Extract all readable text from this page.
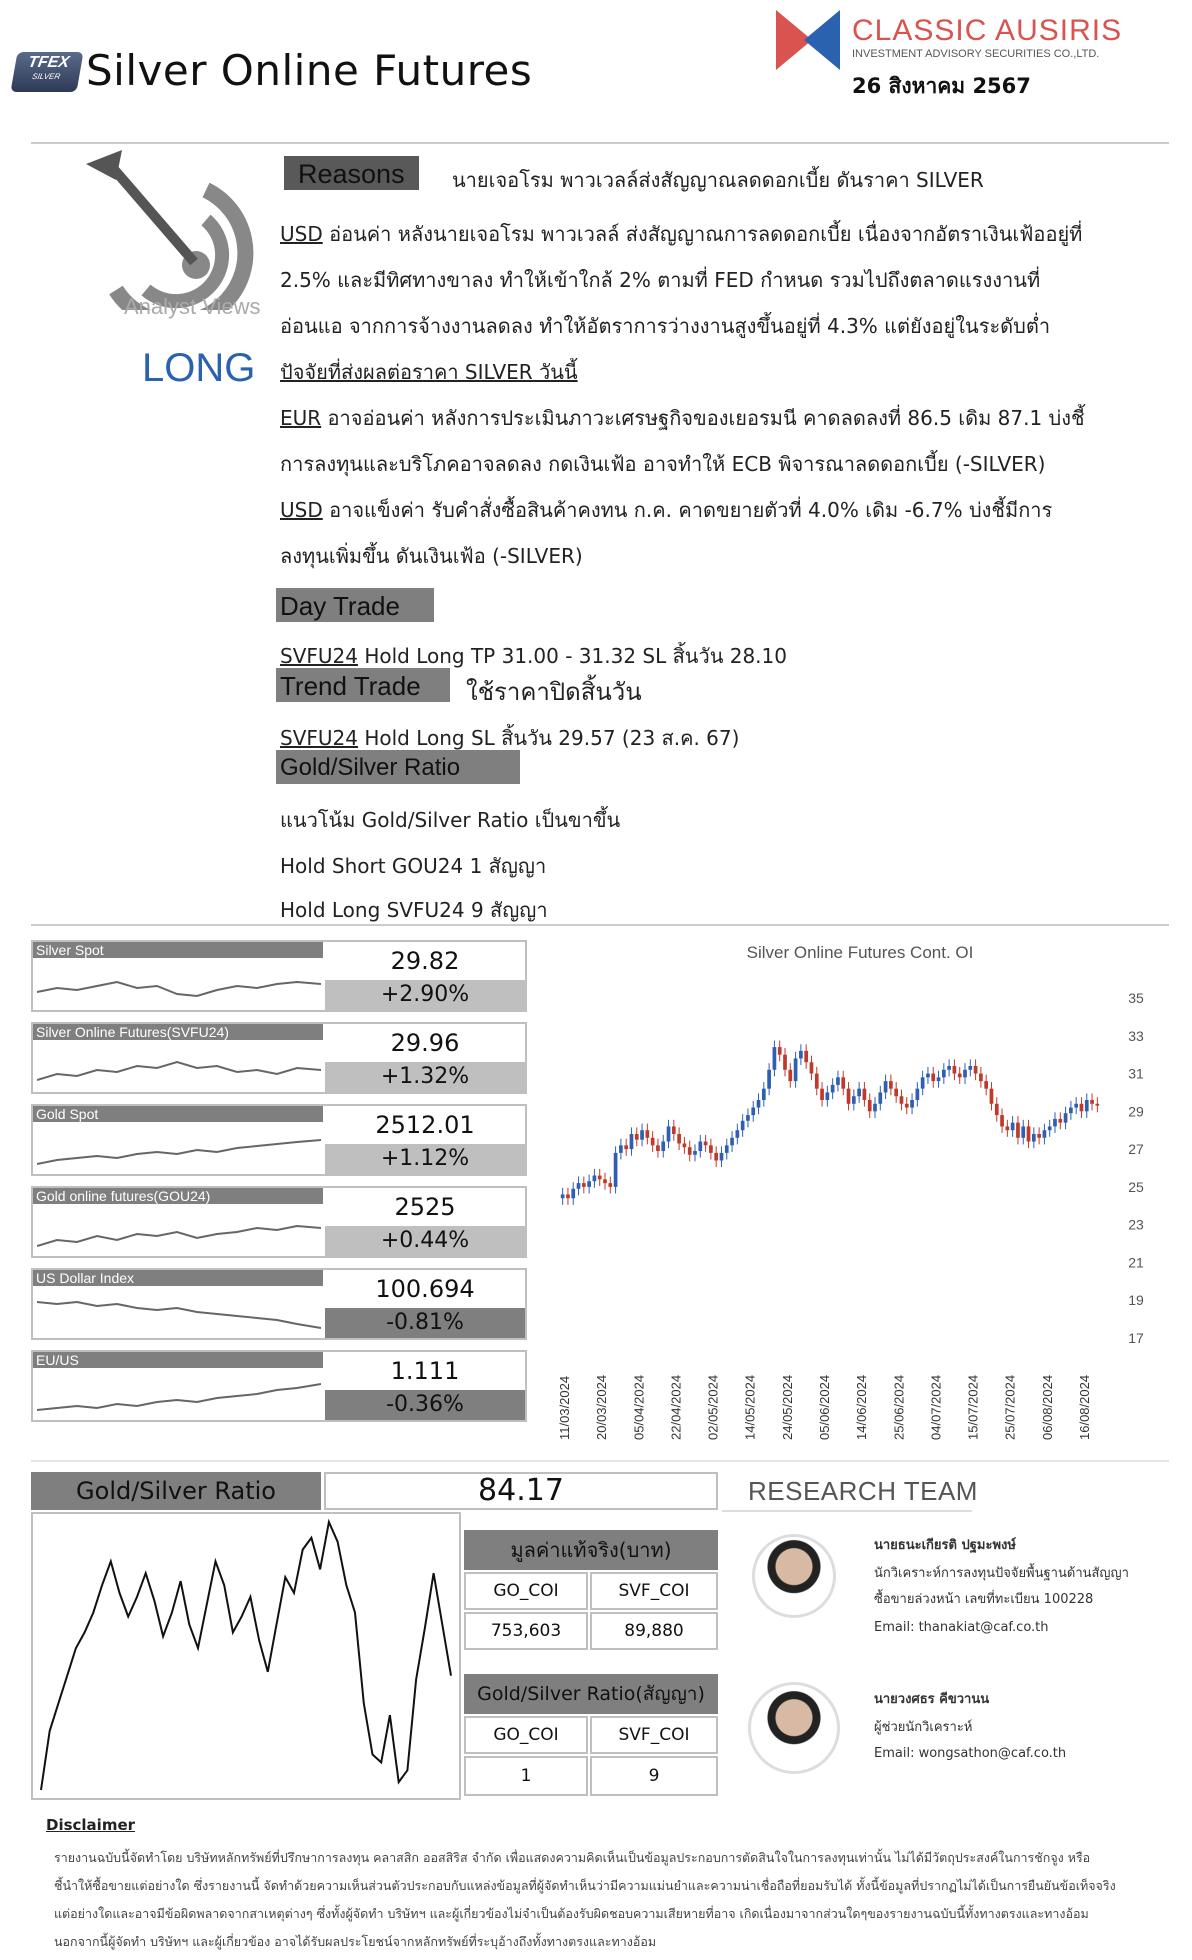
TFEX
SILVER Silver Online Futures
CLASSIC AUSIRIS
INVESTMENT ADVISORY SECURITIES CO.,LTD.
26 สิงหาคม 2567
Analyst Views
LONG
Reasons	นายเจอโรม พาวเวลล์ส่งสัญญาณลดดอกเบี้ย ดันราคา SILVER
USD อ่อนค่า หลังนายเจอโรม พาวเวลล์ ส่งสัญญาณการลดดอกเบี้ย เนื่องจากอัตราเงินเฟ้ออยู่ที่
2.5% และมีทิศทางขาลง ทำให้เข้าใกล้ 2% ตามที่ FED กำหนด รวมไปถึงตลาดแรงงานที่
อ่อนแอ จากการจ้างงานลดลง ทำให้อัตราการว่างงานสูงขึ้นอยู่ที่ 4.3% แต่ยังอยู่ในระดับต่ำ
ปัจจัยที่ส่งผลต่อราคา SILVER วันนี้
EUR อาจอ่อนค่า หลังการประเมินภาวะเศรษฐกิจของเยอรมนี คาดลดลงที่ 86.5 เดิม 87.1 บ่งชี้
การลงทุนและบริโภคอาจลดลง กดเงินเฟ้อ อาจทำให้ ECB พิจารณาลดดอกเบี้ย (-SILVER)
USD อาจแข็งค่า รับคำสั่งซื้อสินค้าคงทน ก.ค. คาดขยายตัวที่ 4.0% เดิม -6.7% บ่งชี้มีการ
ลงทุนเพิ่มขึ้น ดันเงินเฟ้อ (-SILVER)
Day Trade
SVFU24 Hold Long TP 31.00 - 31.32 SL สิ้นวัน 28.10
Trend Trade	ใช้ราคาปิดสิ้นวัน
SVFU24 Hold Long SL สิ้นวัน 29.57 (23 ส.ค. 67)
Gold/Silver Ratio
แนวโน้ม Gold/Silver Ratio เป็นขาขึ้น
Hold Short GOU24 1 สัญญา
Hold Long SVFU24 9 สัญญา
Silver Spot	29.82
+2.90%
Silver Online Futures(SVFU24)	29.96
+1.32%
Gold Spot	2512.01
+1.12%
Gold online futures(GOU24)	2525
+0.44%
US Dollar Index	100.694
-0.81%
EU/US	1.111
-0.36%
Silver Online Futures Cont. OI
35
33
31
29
27
25
23
21
19
17
11/03/2024 20/03/2024 05/04/2024 22/04/2024 02/05/2024 14/05/2024 24/05/2024 05/06/2024 14/06/2024 25/06/2024 04/07/2024 15/07/2024 25/07/2024 06/08/2024 16/08/2024
Gold/Silver Ratio	84.17
มูลค่าแท้จริง(บาท)
GO_COI	SVF_COI
753,603	89,880
Gold/Silver Ratio(สัญญา)
GO_COI	SVF_COI
1	9
RESEARCH TEAM
นายธนะเกียรติ ปฐมะพงษ์
นักวิเคราะห์การลงทุนปัจจัยพื้นฐานด้านสัญญา
ซื้อขายล่วงหน้า เลขที่ทะเบียน 100228
Email: thanakiat@caf.co.th
นายวงศธร คีขวานน
ผู้ช่วยนักวิเคราะห์
Email: wongsathon@caf.co.th
Disclaimer
รายงานฉบับนี้จัดทำโดย บริษัทหลักทรัพย์ที่ปรึกษาการลงทุน คลาสสิก ออสสิริส จำกัด เพื่อแสดงความคิดเห็นเป็นข้อมูลประกอบการตัดสินใจในการลงทุนเท่านั้น ไม่ได้มีวัตถุประสงค์ในการชักจูง หรือ
ชี้นำให้ซื้อขายแต่อย่างใด ซึ่งรายงานนี้ จัดทำด้วยความเห็นส่วนตัวประกอบกับแหล่งข้อมูลที่ผู้จัดทำเห็นว่ามีความแม่นยำและความน่าเชื่อถือที่ยอมรับได้ ทั้งนี้ข้อมูลที่ปรากฏไม่ได้เป็นการยืนยันข้อเท็จจริง
แต่อย่างใดและอาจมีข้อผิดพลาดจากสาเหตุต่างๆ ซึ่งทั้งผู้จัดทำ บริษัทฯ และผู้เกี่ยวข้องไม่จำเป็นต้องรับผิดชอบความเสียหายที่อาจ เกิดเนื่องมาจากส่วนใดๆของรายงานฉบับนี้ทั้งทางตรงและทางอ้อม
นอกจากนี้ผู้จัดทำ บริษัทฯ และผู้เกี่ยวข้อง อาจได้รับผลประโยชน์จากหลักทรัพย์ที่ระบุอ้างถึงทั้งทางตรงและทางอ้อม
